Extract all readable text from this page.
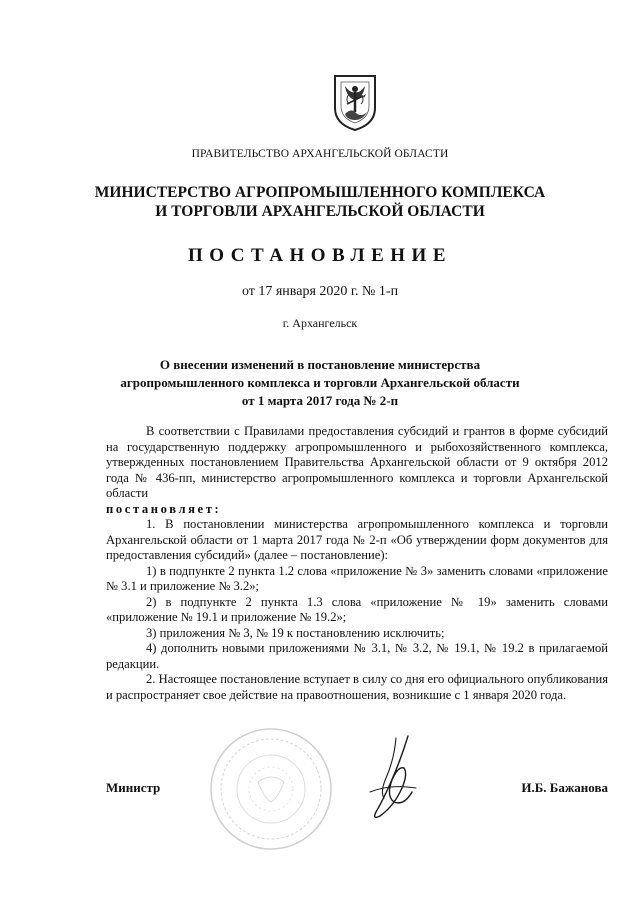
ПРАВИТЕЛЬСТВО АРХАНГЕЛЬСКОЙ ОБЛАСТИ
МИНИСТЕРСТВО АГРОПРОМЫШЛЕННОГО КОМПЛЕКСА
И ТОРГОВЛИ АРХАНГЕЛЬСКОЙ ОБЛАСТИ
ПОСТАНОВЛЕНИЕ
от 17 января 2020 г. № 1-п
г. Архангельск
О внесении изменений в постановление министерства
агропромышленного комплекса и торговли Архангельской области
от 1 марта 2017 года № 2-п

В соответствии с Правилами предоставления субсидий и грантов в форме субсидий на государственную поддержку агропромышленного и рыбохозяйственного комплекса, утвержденных постановлением Правительства Архангельской области от 9 октября 2012 года № 436-пп, министерство агропромышленного комплекса и торговли Архангельской области

постановляет:

1. В постановлении министерства агропромышленного комплекса и торговли Архангельской области от 1 марта 2017 года № 2-п «Об утверждении форм документов для предоставления субсидий» (далее – постановление):

1) в подпункте 2 пункта 1.2 слова «приложение № 3» заменить словами «приложение № 3.1 и приложение № 3.2»;

2) в подпункте 2 пункта 1.3 слова «приложение № 19» заменить словами «приложение № 19.1 и приложение № 19.2»;

3) приложения № 3, № 19 к постановлению исключить;

4) дополнить новыми приложениями № 3.1, № 3.2, № 19.1, № 19.2 в прилагаемой редакции.

2. Настоящее постановление вступает в силу со дня его официального опубликования и распространяет свое действие на правоотношения, возникшие с 1 января 2020 года.

Министр	И.Б. Бажанова
